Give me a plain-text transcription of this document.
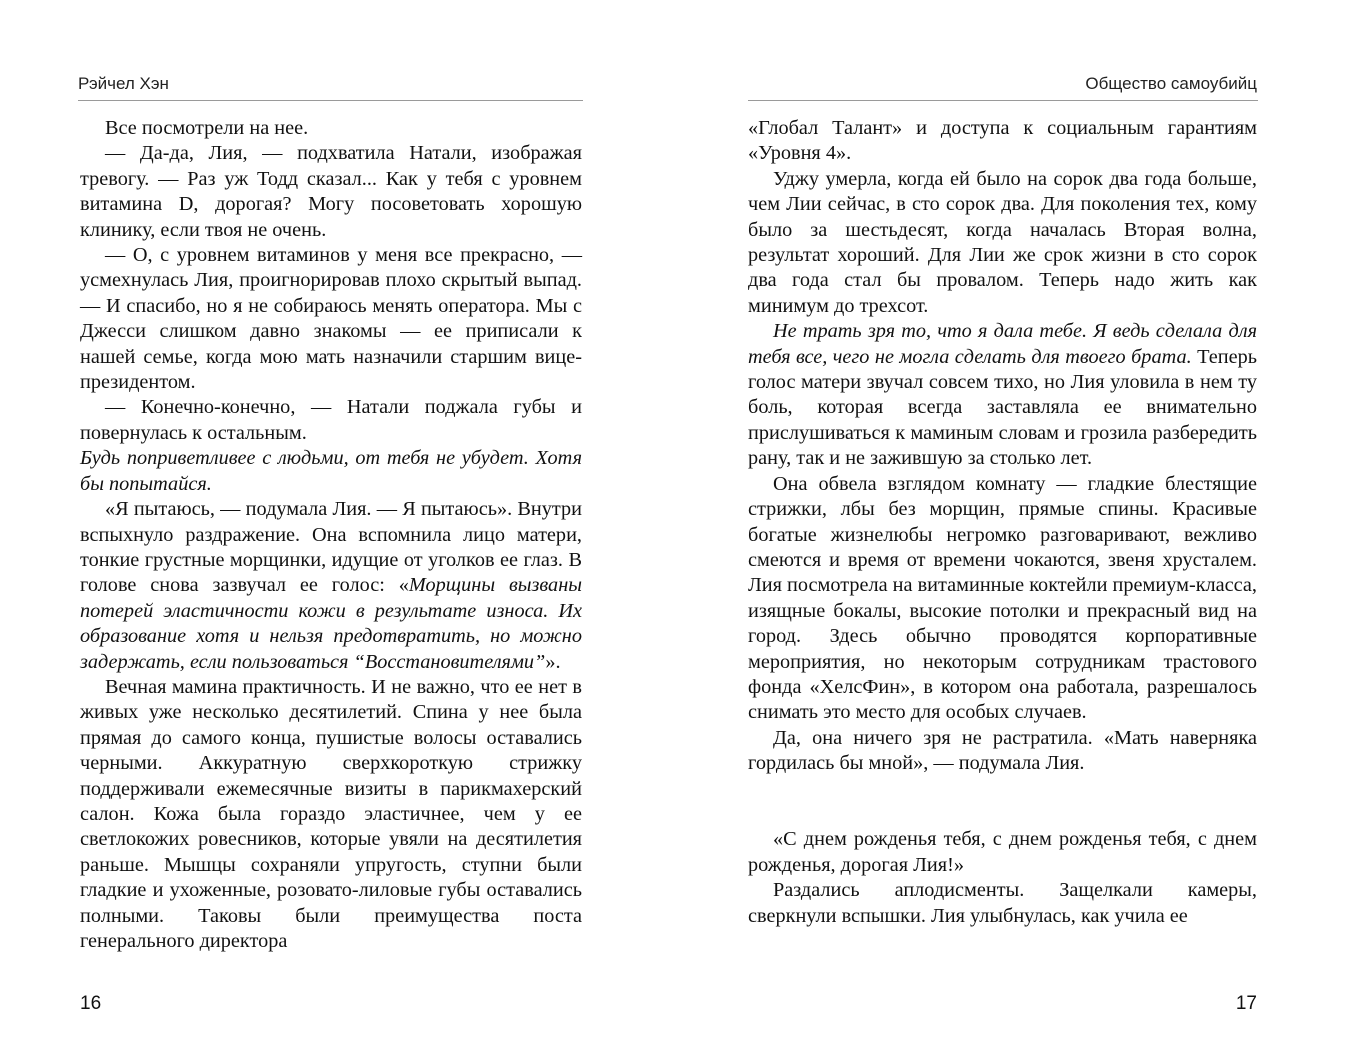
Рэйчел Хэн

Все посмотрели на нее.

— Да-да, Лия, — подхватила Натали, изображая тревогу. — Раз уж Тодд сказал... Как у тебя с уровнем витамина D, дорогая? Могу посоветовать хорошую клинику, если твоя не очень.

— О, с уровнем витаминов у меня все прекрасно, — усмехнулась Лия, проигнорировав плохо скрытый выпад. — И спасибо, но я не собираюсь менять оператора. Мы с Джесси слишком давно знакомы — ее приписали к нашей семье, когда мою мать назначили старшим вице-президентом.

— Конечно-конечно, — Натали поджала губы и повернулась к остальным.

Будь поприветливее с людьми, от тебя не убудет. Хотя бы попытайся.

«Я пытаюсь, — подумала Лия. — Я пытаюсь». Внутри вспыхнуло раздражение. Она вспомнила лицо матери, тонкие грустные морщинки, идущие от уголков ее глаз. В голове снова зазвучал ее голос: «Морщины вызваны потерей эластичности кожи в результате износа. Их образование хотя и нельзя предотвратить, но можно задержать, если пользоваться “Восстановителями”».

Вечная мамина практичность. И не важно, что ее нет в живых уже несколько десятилетий. Спина у нее была прямая до самого конца, пушистые волосы оставались черными. Аккуратную сверхкороткую стрижку поддерживали ежемесячные визиты в парикмахерский салон. Кожа была гораздо эластичнее, чем у ее светлокожих ровесников, которые увяли на десятилетия раньше. Мышцы сохраняли упругость, ступни были гладкие и ухоженные, розовато-лиловые губы оставались полными. Таковы были преимущества поста генерального директора

16
Общество самоубийц

«Глобал Талант» и доступа к социальным гарантиям «Уровня 4».

Уджу умерла, когда ей было на сорок два года больше, чем Лии сейчас, в сто сорок два. Для поколения тех, кому было за шестьдесят, когда началась Вторая волна, результат хороший. Для Лии же срок жизни в сто сорок два года стал бы провалом. Теперь надо жить как минимум до трехсот.

Не трать зря то, что я дала тебе. Я ведь сделала для тебя все, чего не могла сделать для твоего брата. Теперь голос матери звучал совсем тихо, но Лия уловила в нем ту боль, которая всегда заставляла ее внимательно прислушиваться к маминым словам и грозила разбередить рану, так и не зажившую за столько лет.

Она обвела взглядом комнату — гладкие блестящие стрижки, лбы без морщин, прямые спины. Красивые богатые жизнелюбы негромко разговаривают, вежливо смеются и время от времени чокаются, звеня хрусталем. Лия посмотрела на витаминные коктейли премиум-класса, изящные бокалы, высокие потолки и прекрасный вид на город. Здесь обычно проводятся корпоративные мероприятия, но некоторым сотрудникам трастового фонда «ХелсФин», в котором она работала, разрешалось снимать это место для особых случаев.

Да, она ничего зря не растратила. «Мать наверняка гордилась бы мной», — подумала Лия.

«С днем рожденья тебя, с днем рожденья тебя, с днем рожденья, дорогая Лия!»

Раздались аплодисменты. Защелкали камеры, сверкнули вспышки. Лия улыбнулась, как учила ее

17
